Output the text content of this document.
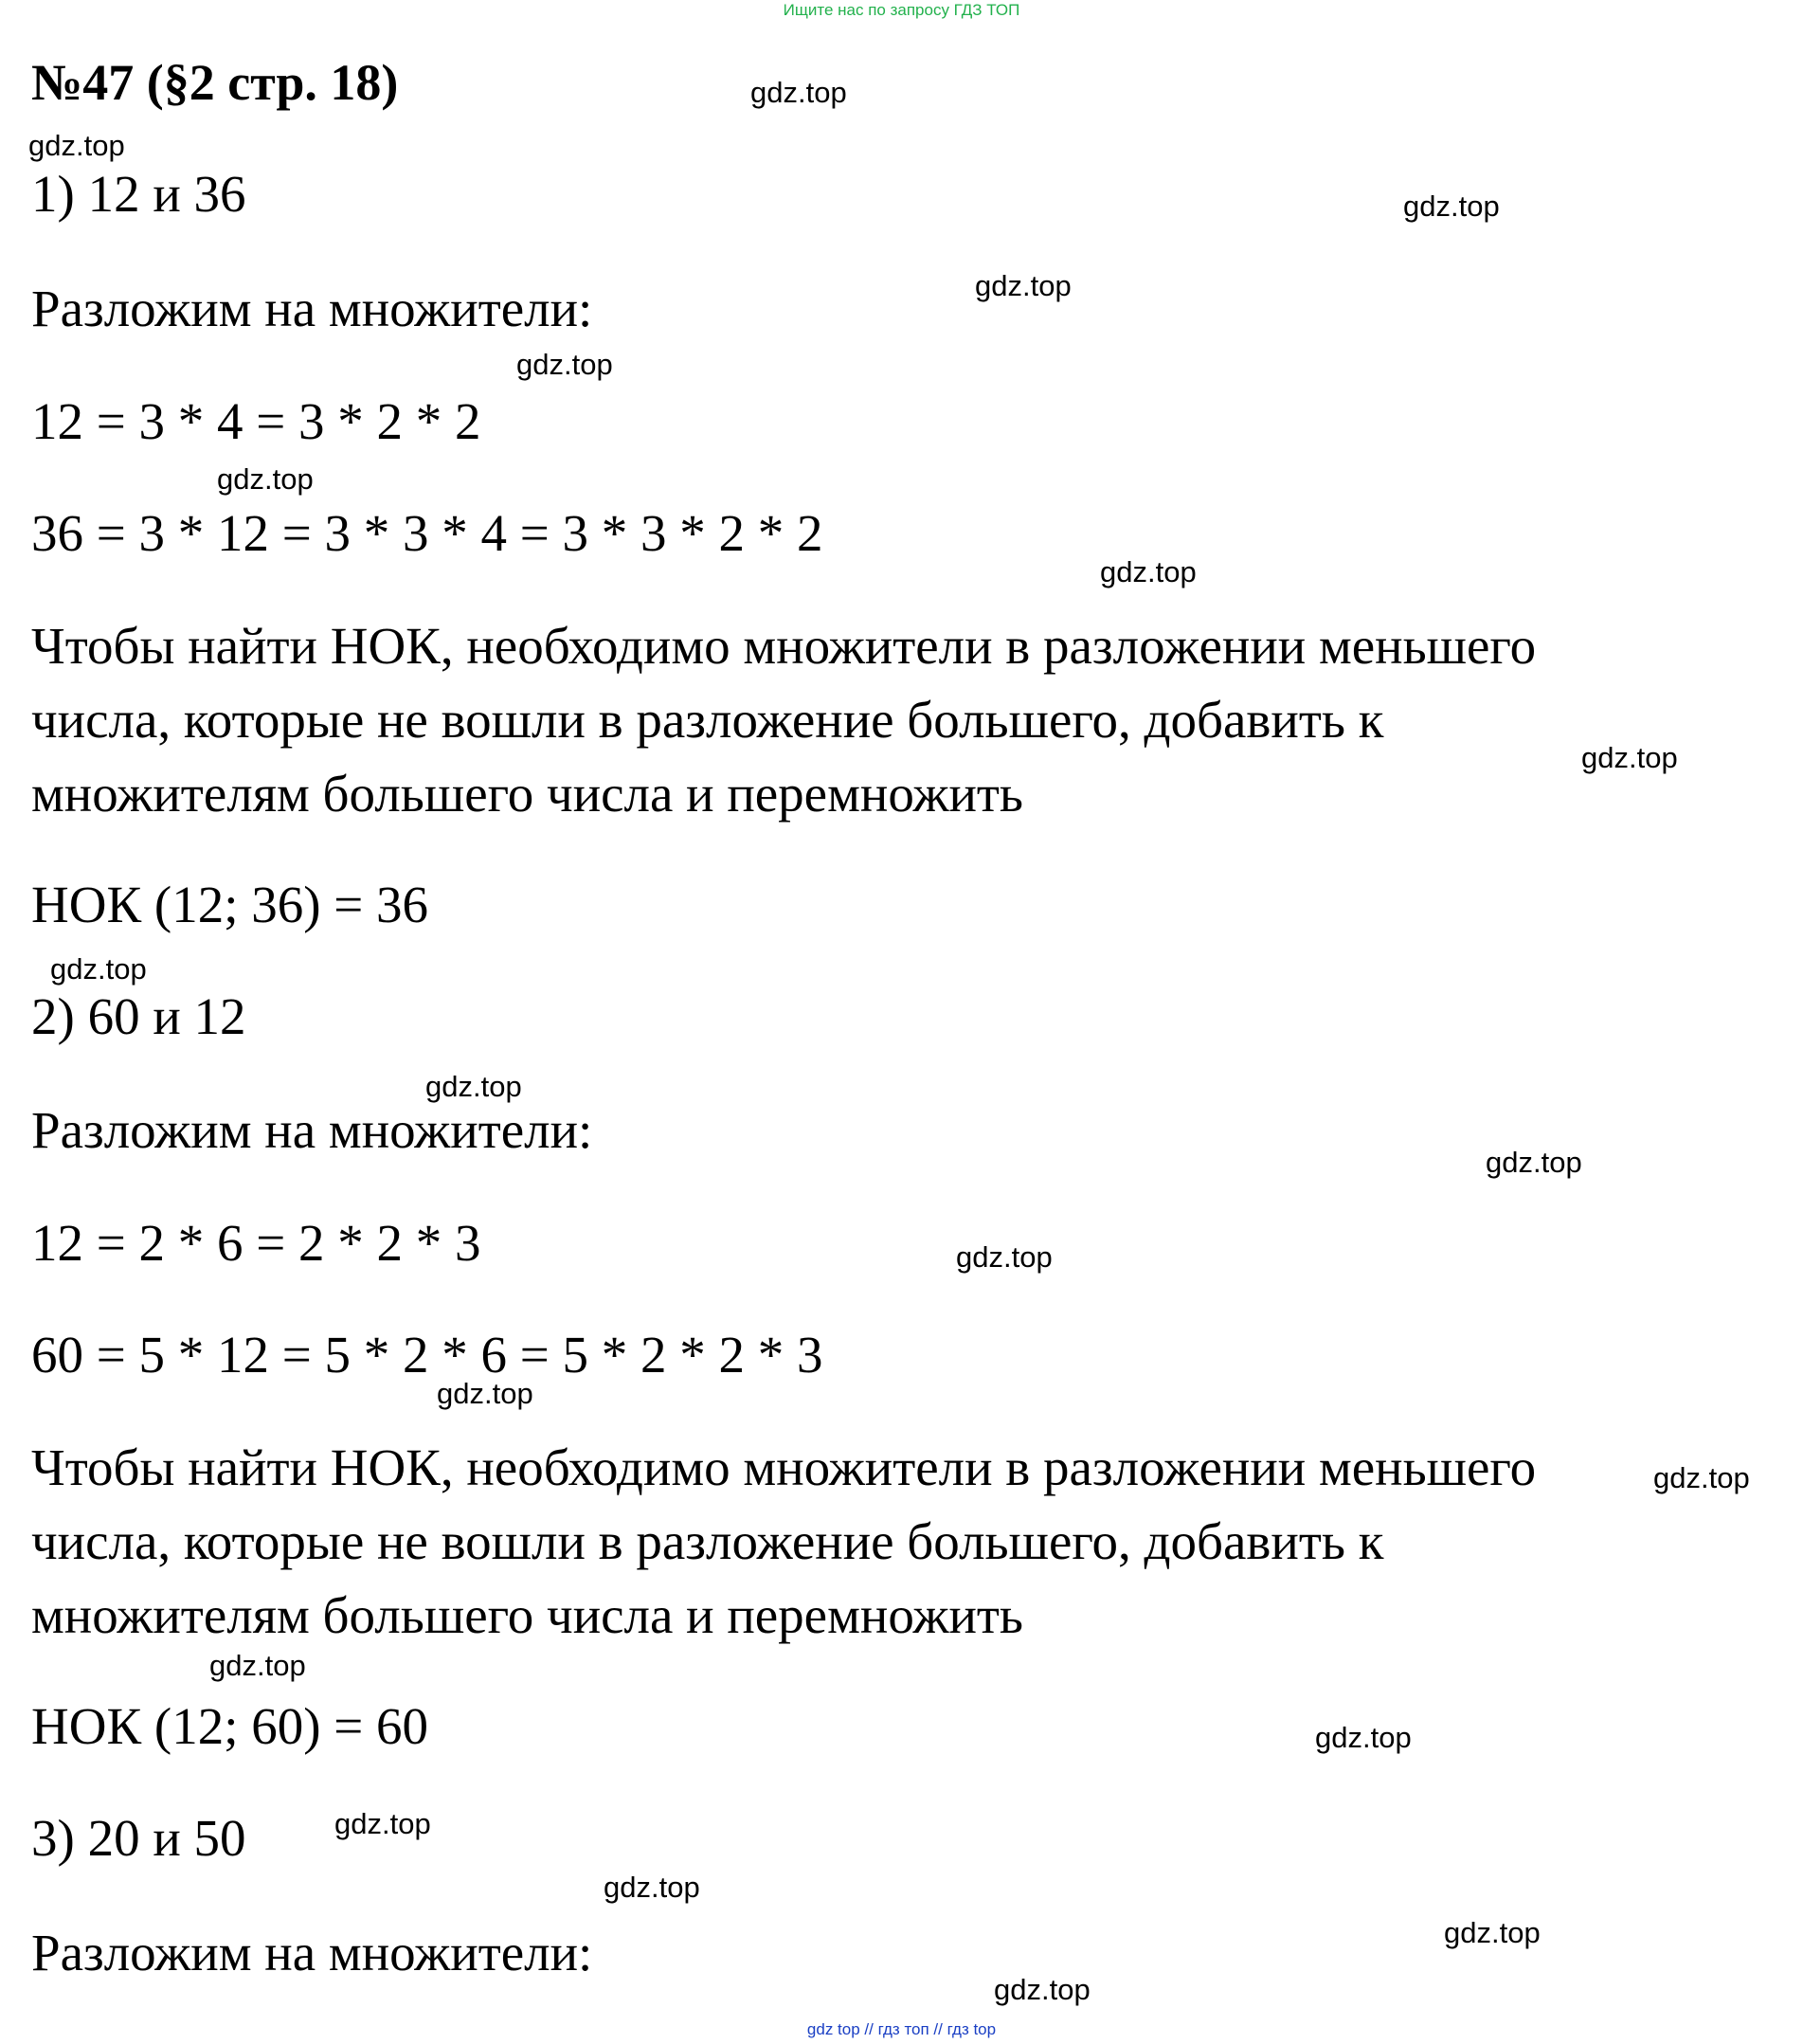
Ищите нас по запросу ГДЗ ТОП
№47 (§2 стр. 18)
1) 12 и 36
Разложим на множители:
12 = 3 * 4 = 3 * 2 * 2
36 = 3 * 12 = 3 * 3 * 4 = 3 * 3 * 2 * 2
Чтобы найти НОК, необходимо множители в разложении меньшего
числа, которые не вошли в разложение большего, добавить к
множителям большего числа и перемножить
НОК (12; 36) = 36
2) 60 и 12
Разложим на множители:
12 = 2 * 6 = 2 * 2 * 3
60 = 5 * 12 = 5 * 2 * 6 = 5 * 2 * 2 * 3
Чтобы найти НОК, необходимо множители в разложении меньшего
числа, которые не вошли в разложение большего, добавить к
множителям большего числа и перемножить
НОК (12; 60) = 60
3) 20 и 50
Разложим на множители:
gdz.top
gdz.top
gdz.top
gdz.top
gdz.top
gdz.top
gdz.top
gdz.top
gdz.top
gdz.top
gdz.top
gdz.top
gdz.top
gdz.top
gdz.top
gdz.top
gdz.top
gdz.top
gdz.top
gdz.top
gdz top // гдз топ // гдз top
